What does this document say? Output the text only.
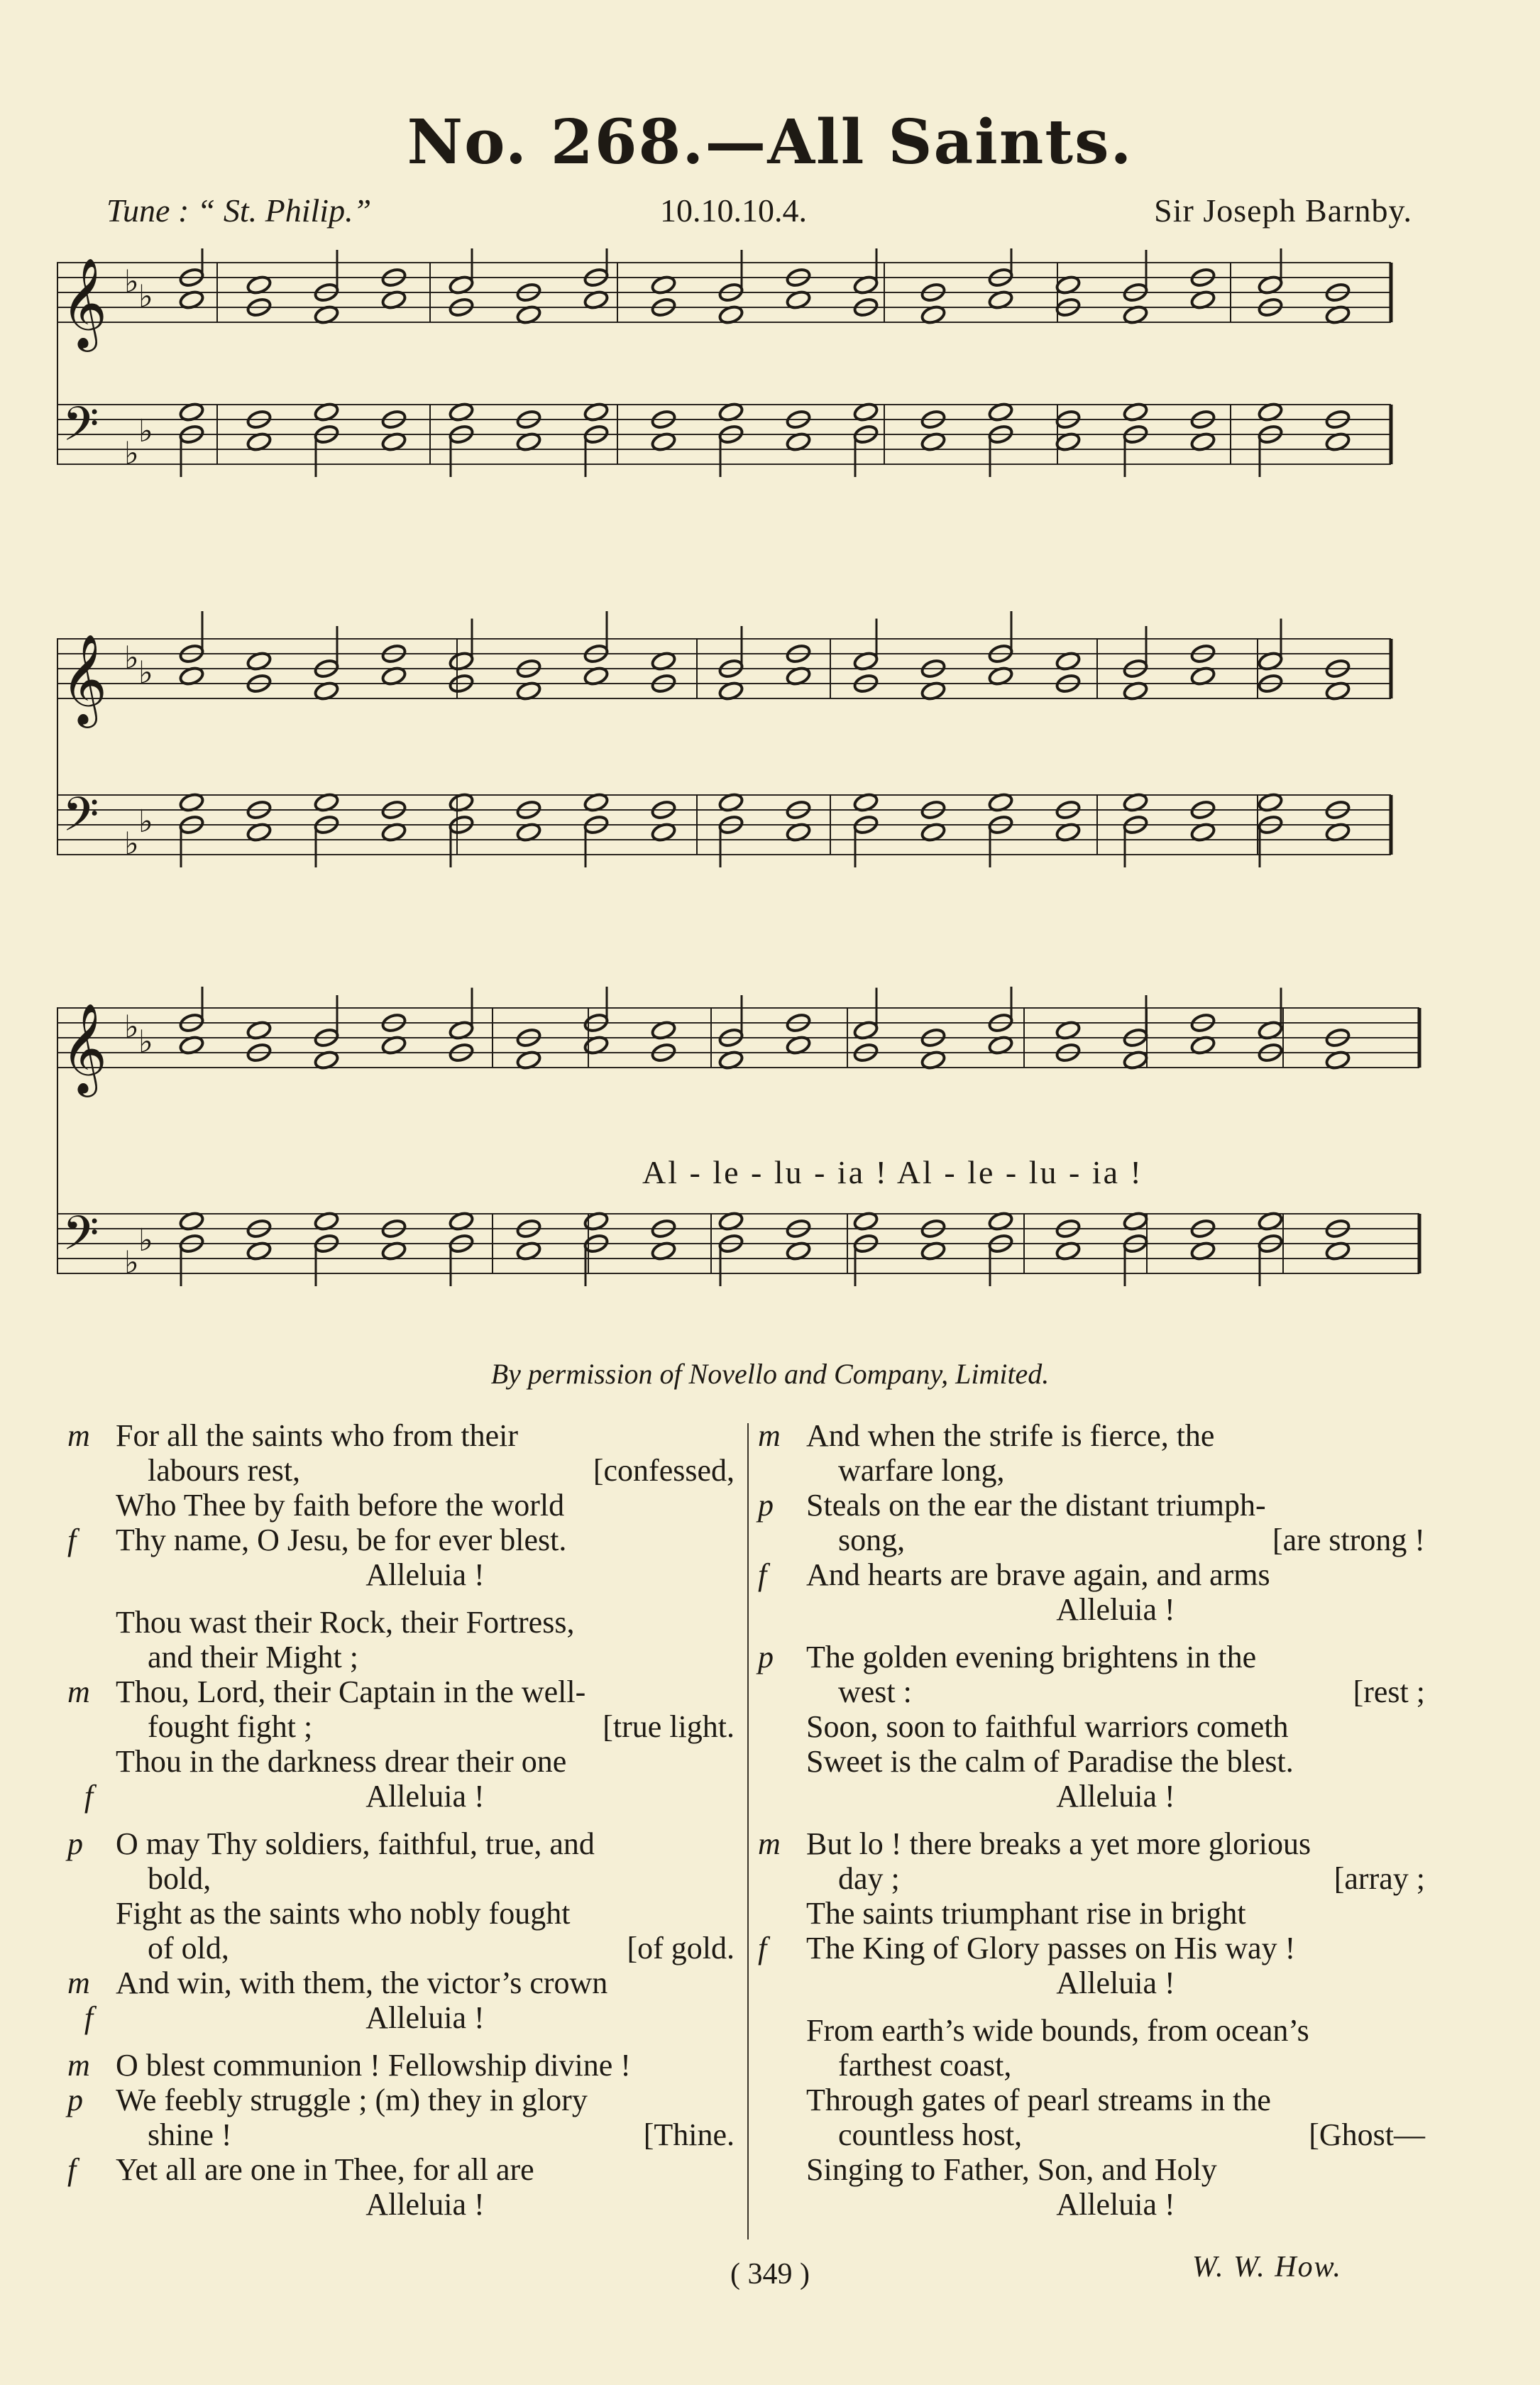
No. 268.—All Saints.
Tune : “ St. Philip.”	10.10.10.4.	Sir Joseph Barnby.
𝄞
𝄢
♭ ♭
♭
♭
𝄞
𝄢
♭ ♭
♭
♭
𝄞
𝄢
♭ ♭
♭
♭
Al - le - lu - ia ! Al - le - lu - ia !
By permission of Novello and Company, Limited.
m For all the saints who from their
labours rest,	[confessed,
Who Thee by faith before the world
f	Thy name, O Jesu, be for ever blest.
Alleluia !
Thou wast their Rock, their Fortress,
and their Might ;
m Thou, Lord, their Captain in the well-
fought fight ;	[true light.
Thou in the darkness drear their one
f	Alleluia !
p	O may Thy soldiers, faithful, true, and
bold,
Fight as the saints who nobly fought
of old,	[of gold.
m And win, with them, the victor’s crown
f	Alleluia !
m O blest communion ! Fellowship divine !
p	We feebly struggle ; (m) they in glory
shine !	[Thine.
f	Yet all are one in Thee, for all are
Alleluia !
m And when the strife is fierce, the
warfare long,
p	Steals on the ear the distant triumph-
song,	[are strong !
f	And hearts are brave again, and arms
Alleluia !
p	The golden evening brightens in the
west :	[rest ;
Soon, soon to faithful warriors cometh
Sweet is the calm of Paradise the blest.
Alleluia !
m But lo ! there breaks a yet more glorious
day ;	[array ;
The saints triumphant rise in bright
f	The King of Glory passes on His way !
Alleluia !
From earth’s wide bounds, from ocean’s
farthest coast,
Through gates of pearl streams in the
countless host,	[Ghost—
Singing to Father, Son, and Holy
Alleluia !
( 349 )	W. W. How.
